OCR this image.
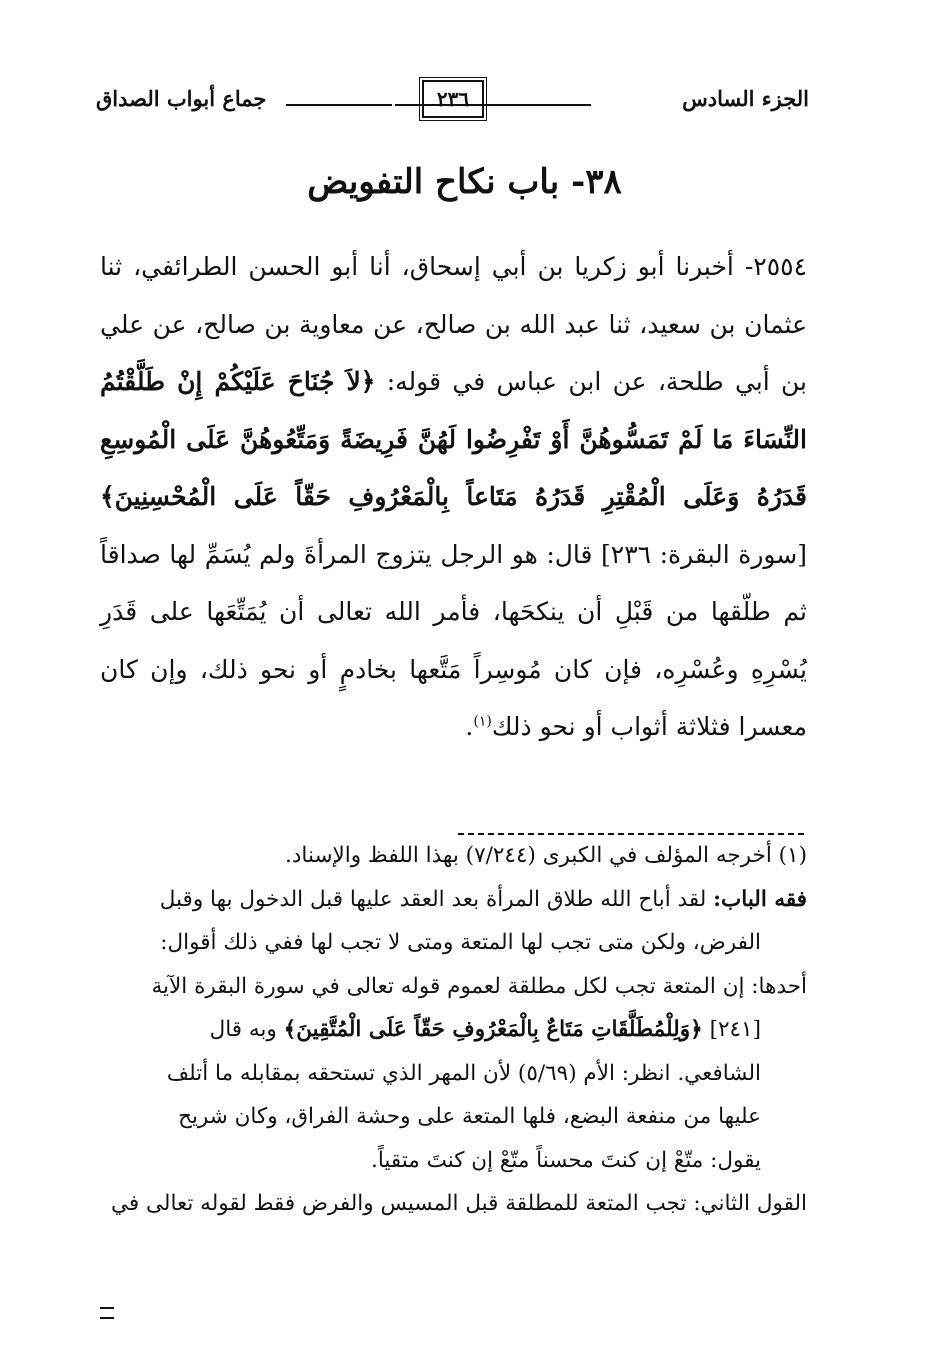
الجزء السادس
٢٣٦
جماع أبواب الصداق
٣٨- باب نكاح التفويض

٢٥٥٤- أخبرنا أبو زكريا بن أبي إسحاق، أنا أبو الحسن الطرائفي، ثنا عثمان بن سعيد، ثنا عبد الله بن صالح، عن معاوية بن صالح، عن علي بن أبي طلحة، عن ابن عباس في قوله: ﴿لاَ جُنَاحَ عَلَيْكُمْ إِنْ طَلَّقْتُمُ النِّسَاءَ مَا لَمْ تَمَسُّوهُنَّ أَوْ تَفْرِضُوا لَهُنَّ فَرِيضَةً وَمَتِّعُوهُنَّ عَلَى الْمُوسِعِ قَدَرُهُ وَعَلَى الْمُقْتِرِ قَدَرُهُ مَتَاعاً بِالْمَعْرُوفِ حَقّاً عَلَى الْمُحْسِنِينَ﴾ [سورة البقرة: ٢٣٦] قال: هو الرجل يتزوج المرأةَ ولم يُسَمِّ لها صداقاً ثم طلّقها من قَبْلِ أن ينكحَها، فأمر الله تعالى أن يُمَتِّعَها على قَدَرِ يُسْرِهِ وعُسْرِه، فإن كان مُوسِراً مَتَّعها بخادمٍ أو نحو ذلك، وإن كان معسرا فثلاثة أثواب أو نحو ذلك$^{(١)}$.

(١) أخرجه المؤلف في الكبرى (٧/٢٤٤) بهذا اللفظ والإسناد.

فقه الباب: لقد أباح الله طلاق المرأة بعد العقد عليها قبل الدخول بها وقبل

الفرض، ولكن متى تجب لها المتعة ومتى لا تجب لها ففي ذلك أقوال:

أحدها: إن المتعة تجب لكل مطلقة لعموم قوله تعالى في سورة البقرة الآية

[٢٤١] ﴿وَلِلْمُطَلَّقَاتِ مَتَاعٌ بِالْمَعْرُوفِ حَقّاً عَلَى الْمُتَّقِينَ﴾ وبه قال

الشافعي. انظر: الأم (٥/٦٩) لأن المهر الذي تستحقه بمقابله ما أتلف

عليها من منفعة البضع، فلها المتعة على وحشة الفراق، وكان شريح

يقول: متّعْ إن كنتَ محسناً متّعْ إن كنتَ متقياً.

القول الثاني: تجب المتعة للمطلقة قبل المسيس والفرض فقط لقوله تعالى في
